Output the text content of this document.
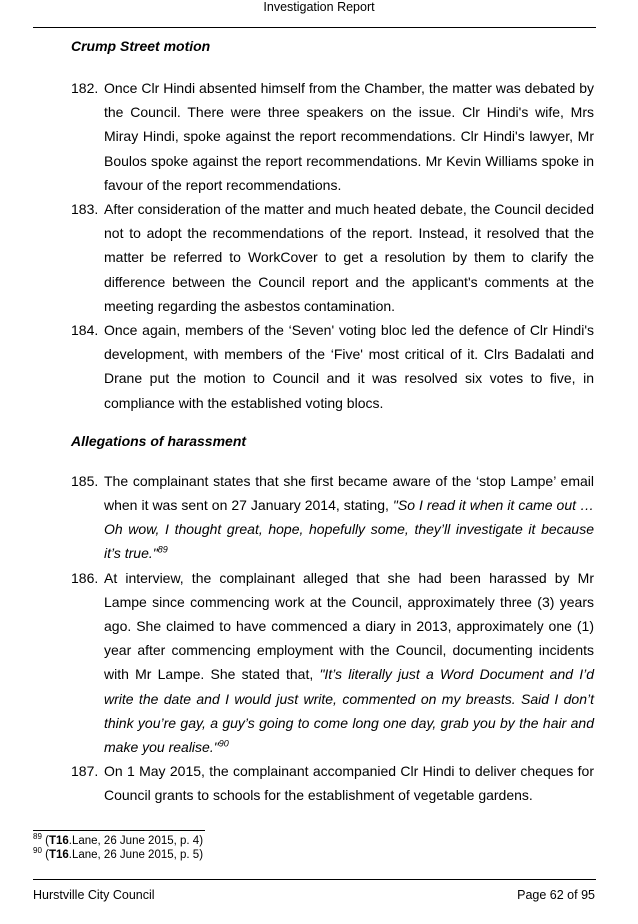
Investigation Report

Crump Street motion

182. Once Clr Hindi absented himself from the Chamber, the matter was debated by the Council. There were three speakers on the issue. Clr Hindi's wife, Mrs Miray Hindi, spoke against the report recommendations. Clr Hindi's lawyer, Mr Boulos spoke against the report recommendations. Mr Kevin Williams spoke in favour of the report recommendations.

183. After consideration of the matter and much heated debate, the Council decided not to adopt the recommendations of the report. Instead, it resolved that the matter be referred to WorkCover to get a resolution by them to clarify the difference between the Council report and the applicant's comments at the meeting regarding the asbestos contamination.

184. Once again, members of the ‘Seven' voting bloc led the defence of Clr Hindi's development, with members of the ‘Five' most critical of it. Clrs Badalati and Drane put the motion to Council and it was resolved six votes to five, in compliance with the established voting blocs.

Allegations of harassment

185. The complainant states that she first became aware of the ‘stop Lampe’ email when it was sent on 27 January 2014, stating, "So I read it when it came out … Oh wow, I thought great, hope, hopefully some, they’ll investigate it because it’s true."$^{89}$

186. At interview, the complainant alleged that she had been harassed by Mr Lampe since commencing work at the Council, approximately three (3) years ago. She claimed to have commenced a diary in 2013, approximately one (1) year after commencing employment with the Council, documenting incidents with Mr Lampe. She stated that, "It’s literally just a Word Document and I’d write the date and I would just write, commented on my breasts. Said I don’t think you’re gay, a guy’s going to come long one day, grab you by the hair and make you realise."$^{90}$

187. On 1 May 2015, the complainant accompanied Clr Hindi to deliver cheques for Council grants to schools for the establishment of vegetable gardens.

$^{89}$ (T16.Lane, 26 June 2015, p. 4)
$^{90}$ (T16.Lane, 26 June 2015, p. 5)
Hurstville City Council	Page 62 of 95
